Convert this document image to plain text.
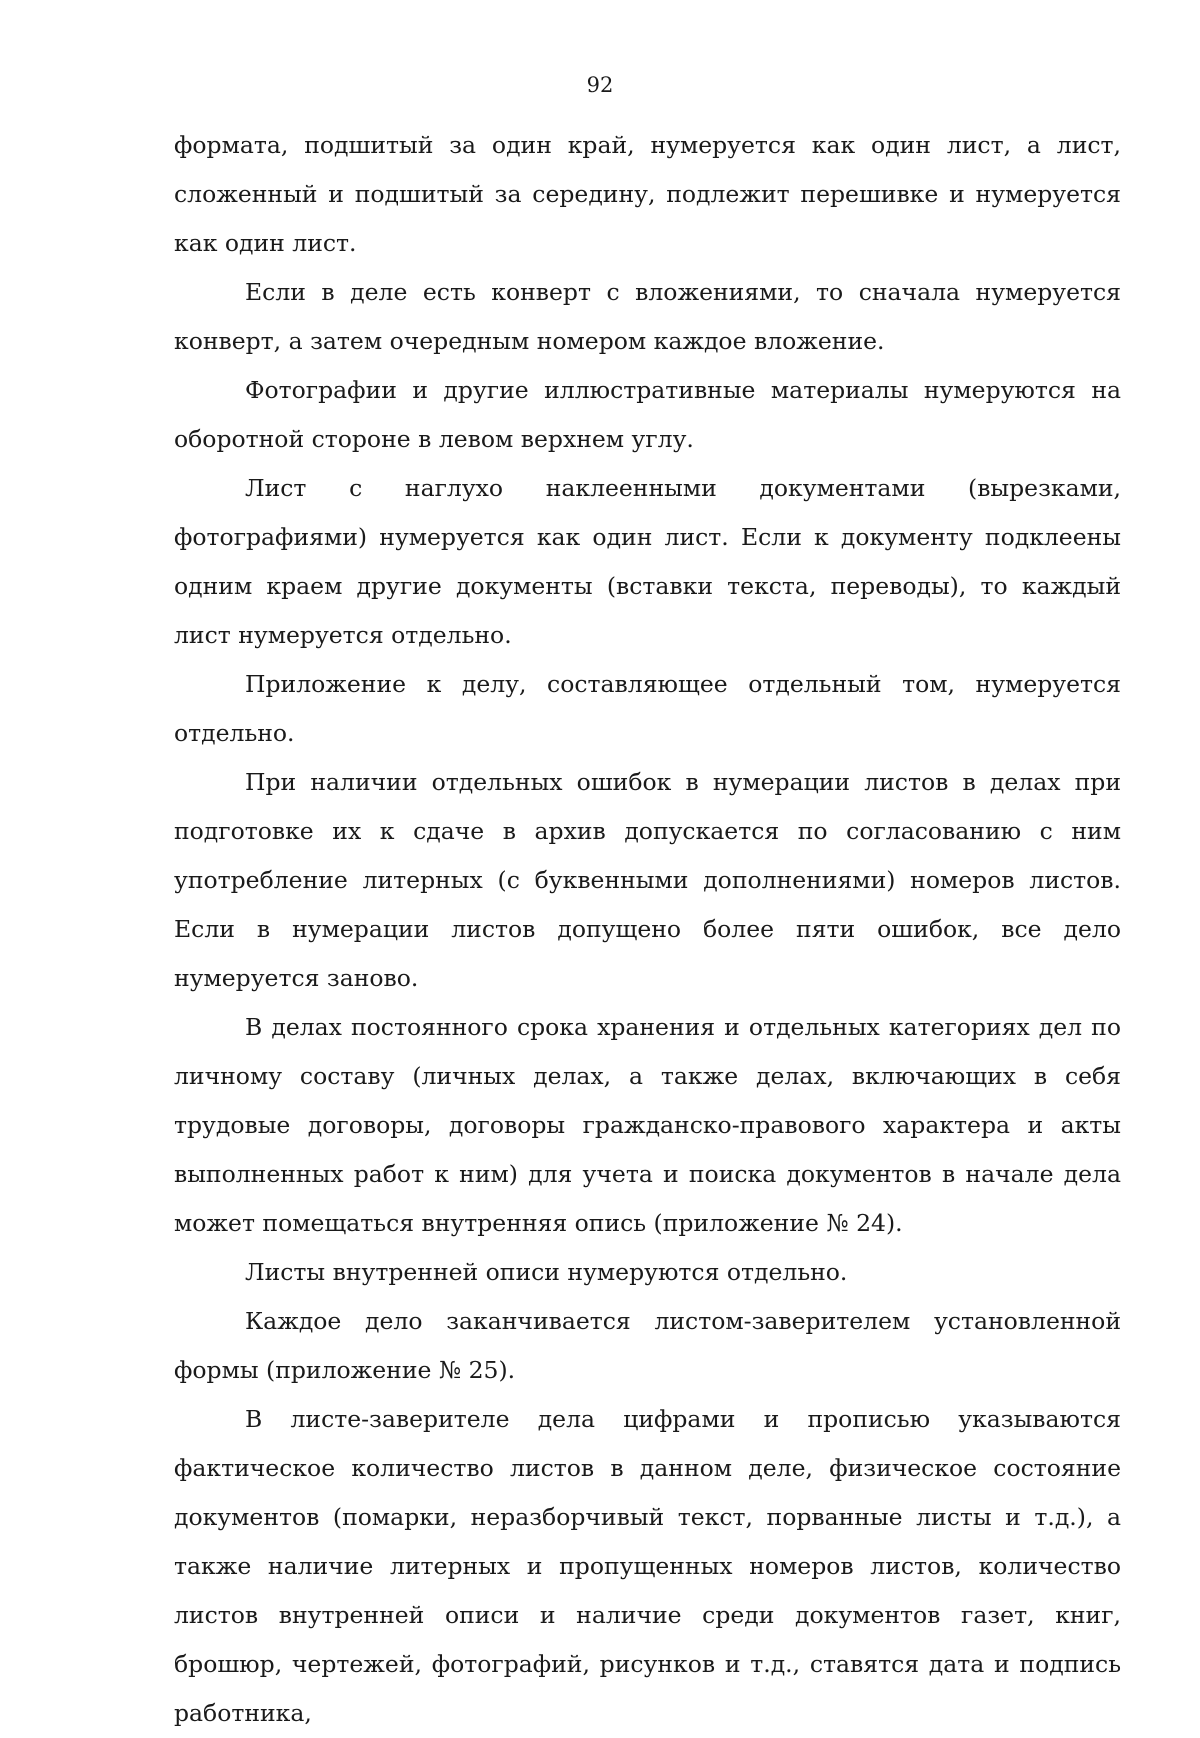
92

формата, подшитый за один край, нумеруется как один лист, а лист, сложенный и подшитый за середину, подлежит перешивке и нумеруется как один лист.

Если в деле есть конверт с вложениями, то сначала нумеруется конверт, а затем очередным номером каждое вложение.

Фотографии и другие иллюстративные материалы нумеруются на оборотной стороне в левом верхнем углу.

Лист с наглухо наклеенными документами (вырезками, фотографиями) нумеруется как один лист. Если к документу подклеены одним краем другие документы (вставки текста, переводы), то каждый лист нумеруется отдельно.

Приложение к делу, составляющее отдельный том, нумеруется отдельно.

При наличии отдельных ошибок в нумерации листов в делах при подготовке их к сдаче в архив допускается по согласованию с ним употребление литерных (с буквенными дополнениями) номеров листов. Если в нумерации листов допущено более пяти ошибок, все дело нумеруется заново.

В делах постоянного срока хранения и отдельных категориях дел по личному составу (личных делах, а также делах, включающих в себя трудовые договоры, договоры гражданско-правового характера и акты выполненных работ к ним) для учета и поиска документов в начале дела может помещаться внутренняя опись (приложение № 24).

Листы внутренней описи нумеруются отдельно.

Каждое дело заканчивается листом-заверителем установленной формы (приложение № 25).

В листе-заверителе дела цифрами и прописью указываются фактическое количество листов в данном деле, физическое состояние документов (помарки, неразборчивый текст, порванные листы и т.д.), а также наличие литерных и пропущенных номеров листов, количество листов внутренней описи и наличие среди документов газет, книг, брошюр, чертежей, фотографий, рисунков и т.д., ставятся дата и подпись работника,
